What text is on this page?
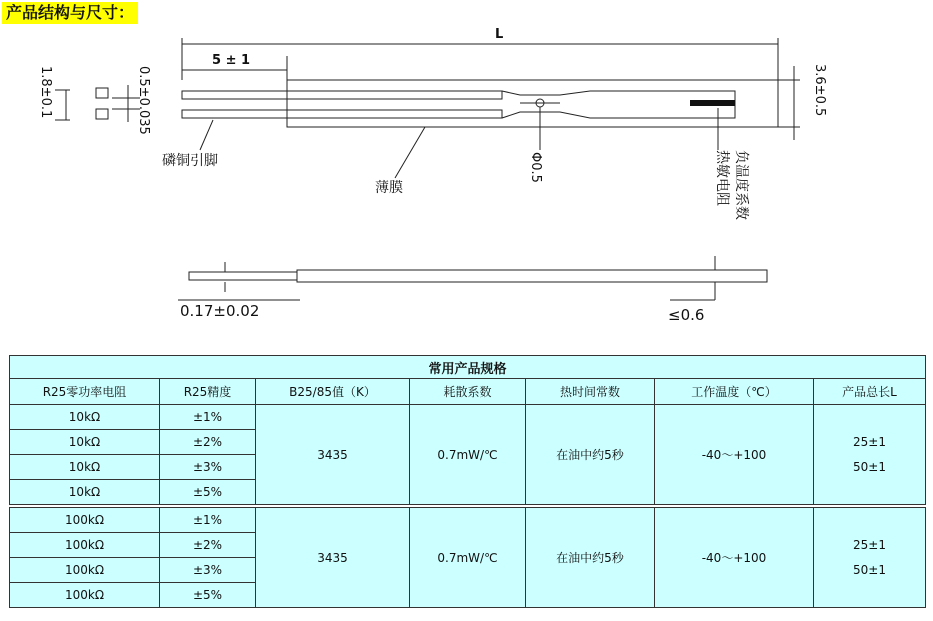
产品结构与尺寸：
L
5 ± 1
0.5±0.035
1.8±0.1	3.6±0.5
磷铜引脚
薄膜
Φ0.5	负温度系数
热敏电阻
0.17±0.02	≤0.6
常用产品规格						
R25零功率电阻	R25精度	B25/85值（K）	耗散系数	热时间常数	工作温度（℃）	产品总长L
10kΩ	±1%	3435	0.7mW/℃	在油中约5秒	-40～+100	25±1
50±1

10kΩ	±2%					
10kΩ	±3%					
10kΩ	±5%					

100kΩ	±1%	3435	0.7mW/℃	在油中约5秒	-40～+100	25±1
50±1

100kΩ	±2%					
100kΩ	±3%					
100kΩ	±5%					
